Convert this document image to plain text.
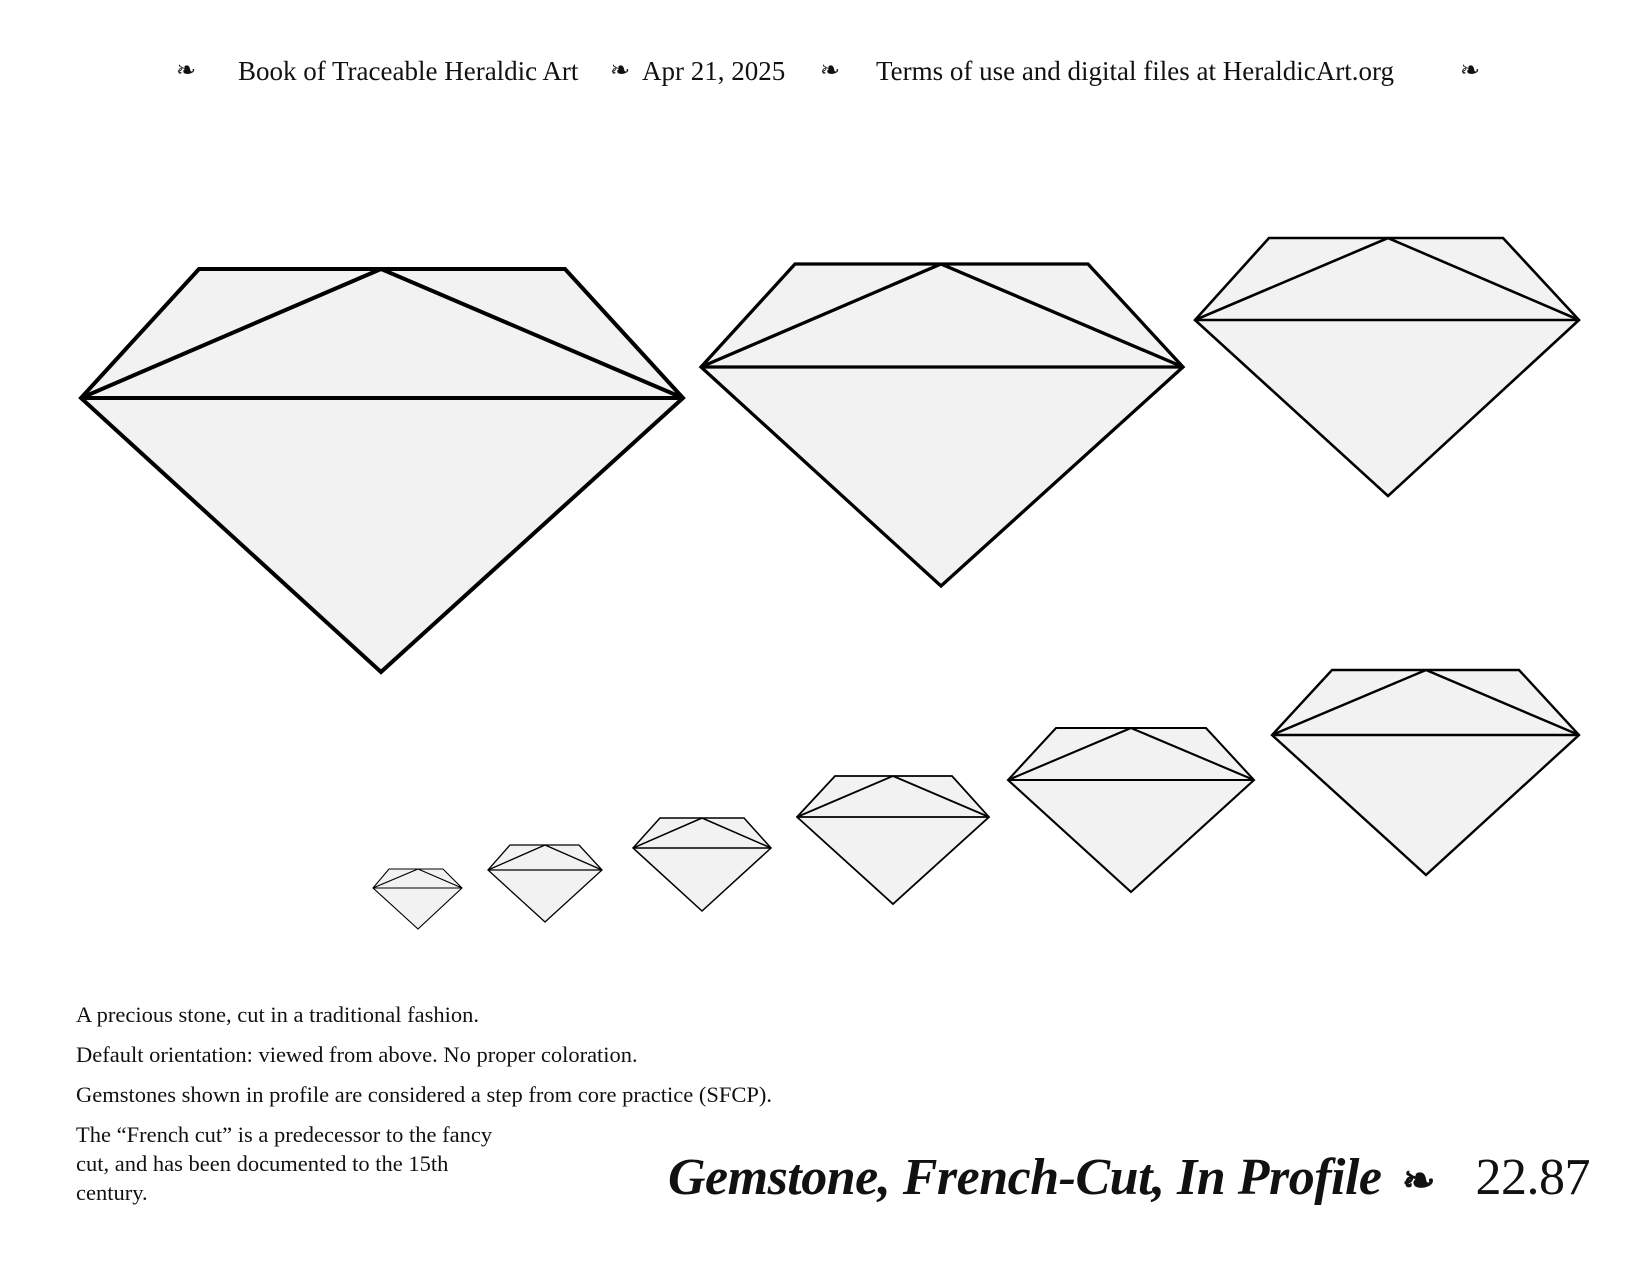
❧ Book of Traceable Heraldic Art ❧ Apr 21, 2025 ❧ Terms of use and digital files at HeraldicArt.org	❧

A precious stone, cut in a traditional fashion.

Default orientation: viewed from above. No proper coloration.

Gemstones shown in profile are considered a step from core practice (SFCP).

The “French cut” is a predecessor to the fancy cut, and has been documented to the 15th century.	Gemstone, French-Cut, In Profile ❧ 22.87
